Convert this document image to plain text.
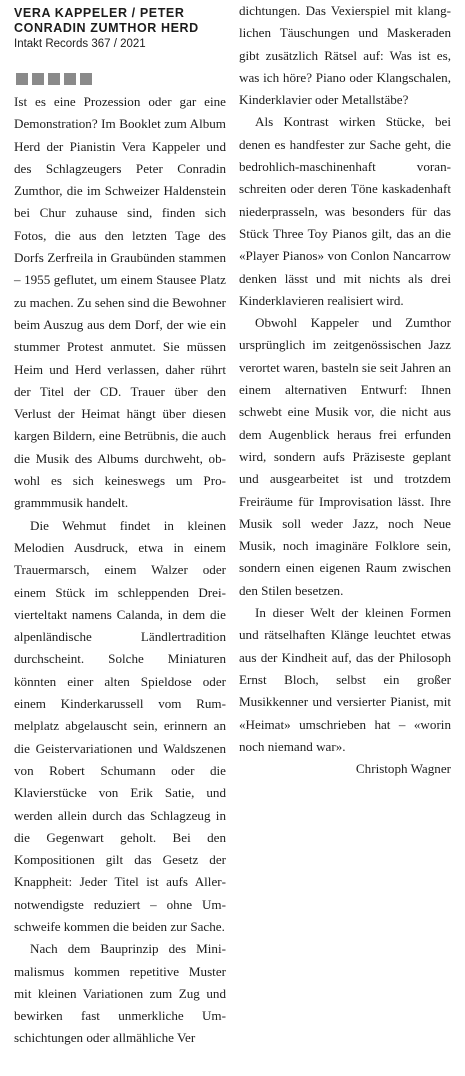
VERA KAPPELER / PETER CONRADIN ZUMTHOR HERD

Intakt Records 367 / 2021

Ist es eine Prozession oder gar eine Demonstration? Im Booklet zum Album Herd der Pianistin Vera Kappeler und des Schlagzeugers Peter Conradin Zumthor, die im Schweizer Haldenstein bei Chur zuhause sind, finden sich Fotos, die aus den letzten Tage des Dorfs Zerfreila in Graubünden stammen – 1955 geflutet, um einem Stausee Platz zu machen. Zu sehen sind die Bewohner beim Auszug aus dem Dorf, der wie ein stummer Protest anmutet. Sie müssen Heim und Herd verlassen, daher rührt der Titel der CD. Trauer über den Verlust der Heimat hängt über diesen kargen Bildern, eine Betrübnis, die auch die Musik des Albums durchweht, obwohl es sich keineswegs um Programmmusik handelt.

Die Wehmut findet in kleinen Melodien Ausdruck, etwa in einem Trauermarsch, einem Walzer oder einem Stück im schleppenden Dreivierteltakt namens Calanda, in dem die alpenländische Ländlertradition durchscheint. Solche Miniaturen könnten einer alten Spieldose oder einem Kinderkarussell vom Rummelplatz abgelauscht sein, erinnern an die Geistervariationen und Waldszenen von Robert Schumann oder die Klavierstücke von Erik Satie, und werden allein durch das Schlagzeug in die Gegenwart geholt. Bei den Kompositionen gilt das Gesetz der Knappheit: Jeder Titel ist aufs Allernotwendigste reduziert – ohne Umschweife kommen die beiden zur Sache.

Nach dem Bauprinzip des Minimalismus kommen repetitive Muster mit kleinen Variationen zum Zug und bewirken fast unmerkliche Umschichtungen oder allmähliche Ver

dichtungen. Das Vexierspiel mit klanglichen Täuschungen und Maskeraden gibt zusätzlich Rätsel auf: Was ist es, was ich höre? Piano oder Klangschalen, Kinderklavier oder Metallstäbe?

Als Kontrast wirken Stücke, bei denen es handfester zur Sache geht, die bedrohlich-maschinenhaft voranschreiten oder deren Töne kaskadenhaft niederprasseln, was besonders für das Stück Three Toy Pianos gilt, das an die «Player Pianos» von Conlon Nancarrow denken lässt und mit nichts als drei Kinderklavieren realisiert wird.

Obwohl Kappeler und Zumthor ursprünglich im zeitgenössischen Jazz verortet waren, basteln sie seit Jahren an einem alternativen Entwurf: Ihnen schwebt eine Musik vor, die nicht aus dem Augenblick heraus frei erfunden wird, sondern aufs Präziseste geplant und ausgearbeitet ist und trotzdem Freiräume für Improvisation lässt. Ihre Musik soll weder Jazz, noch Neue Musik, noch imaginäre Folklore sein, sondern einen eigenen Raum zwischen den Stilen besetzen.

In dieser Welt der kleinen Formen und rätselhaften Klänge leuchtet etwas aus der Kindheit auf, das der Philosoph Ernst Bloch, selbst ein großer Musikkenner und versierter Pianist, mit «Heimat» umschrieben hat – «worin noch niemand war».

Christoph Wagner
